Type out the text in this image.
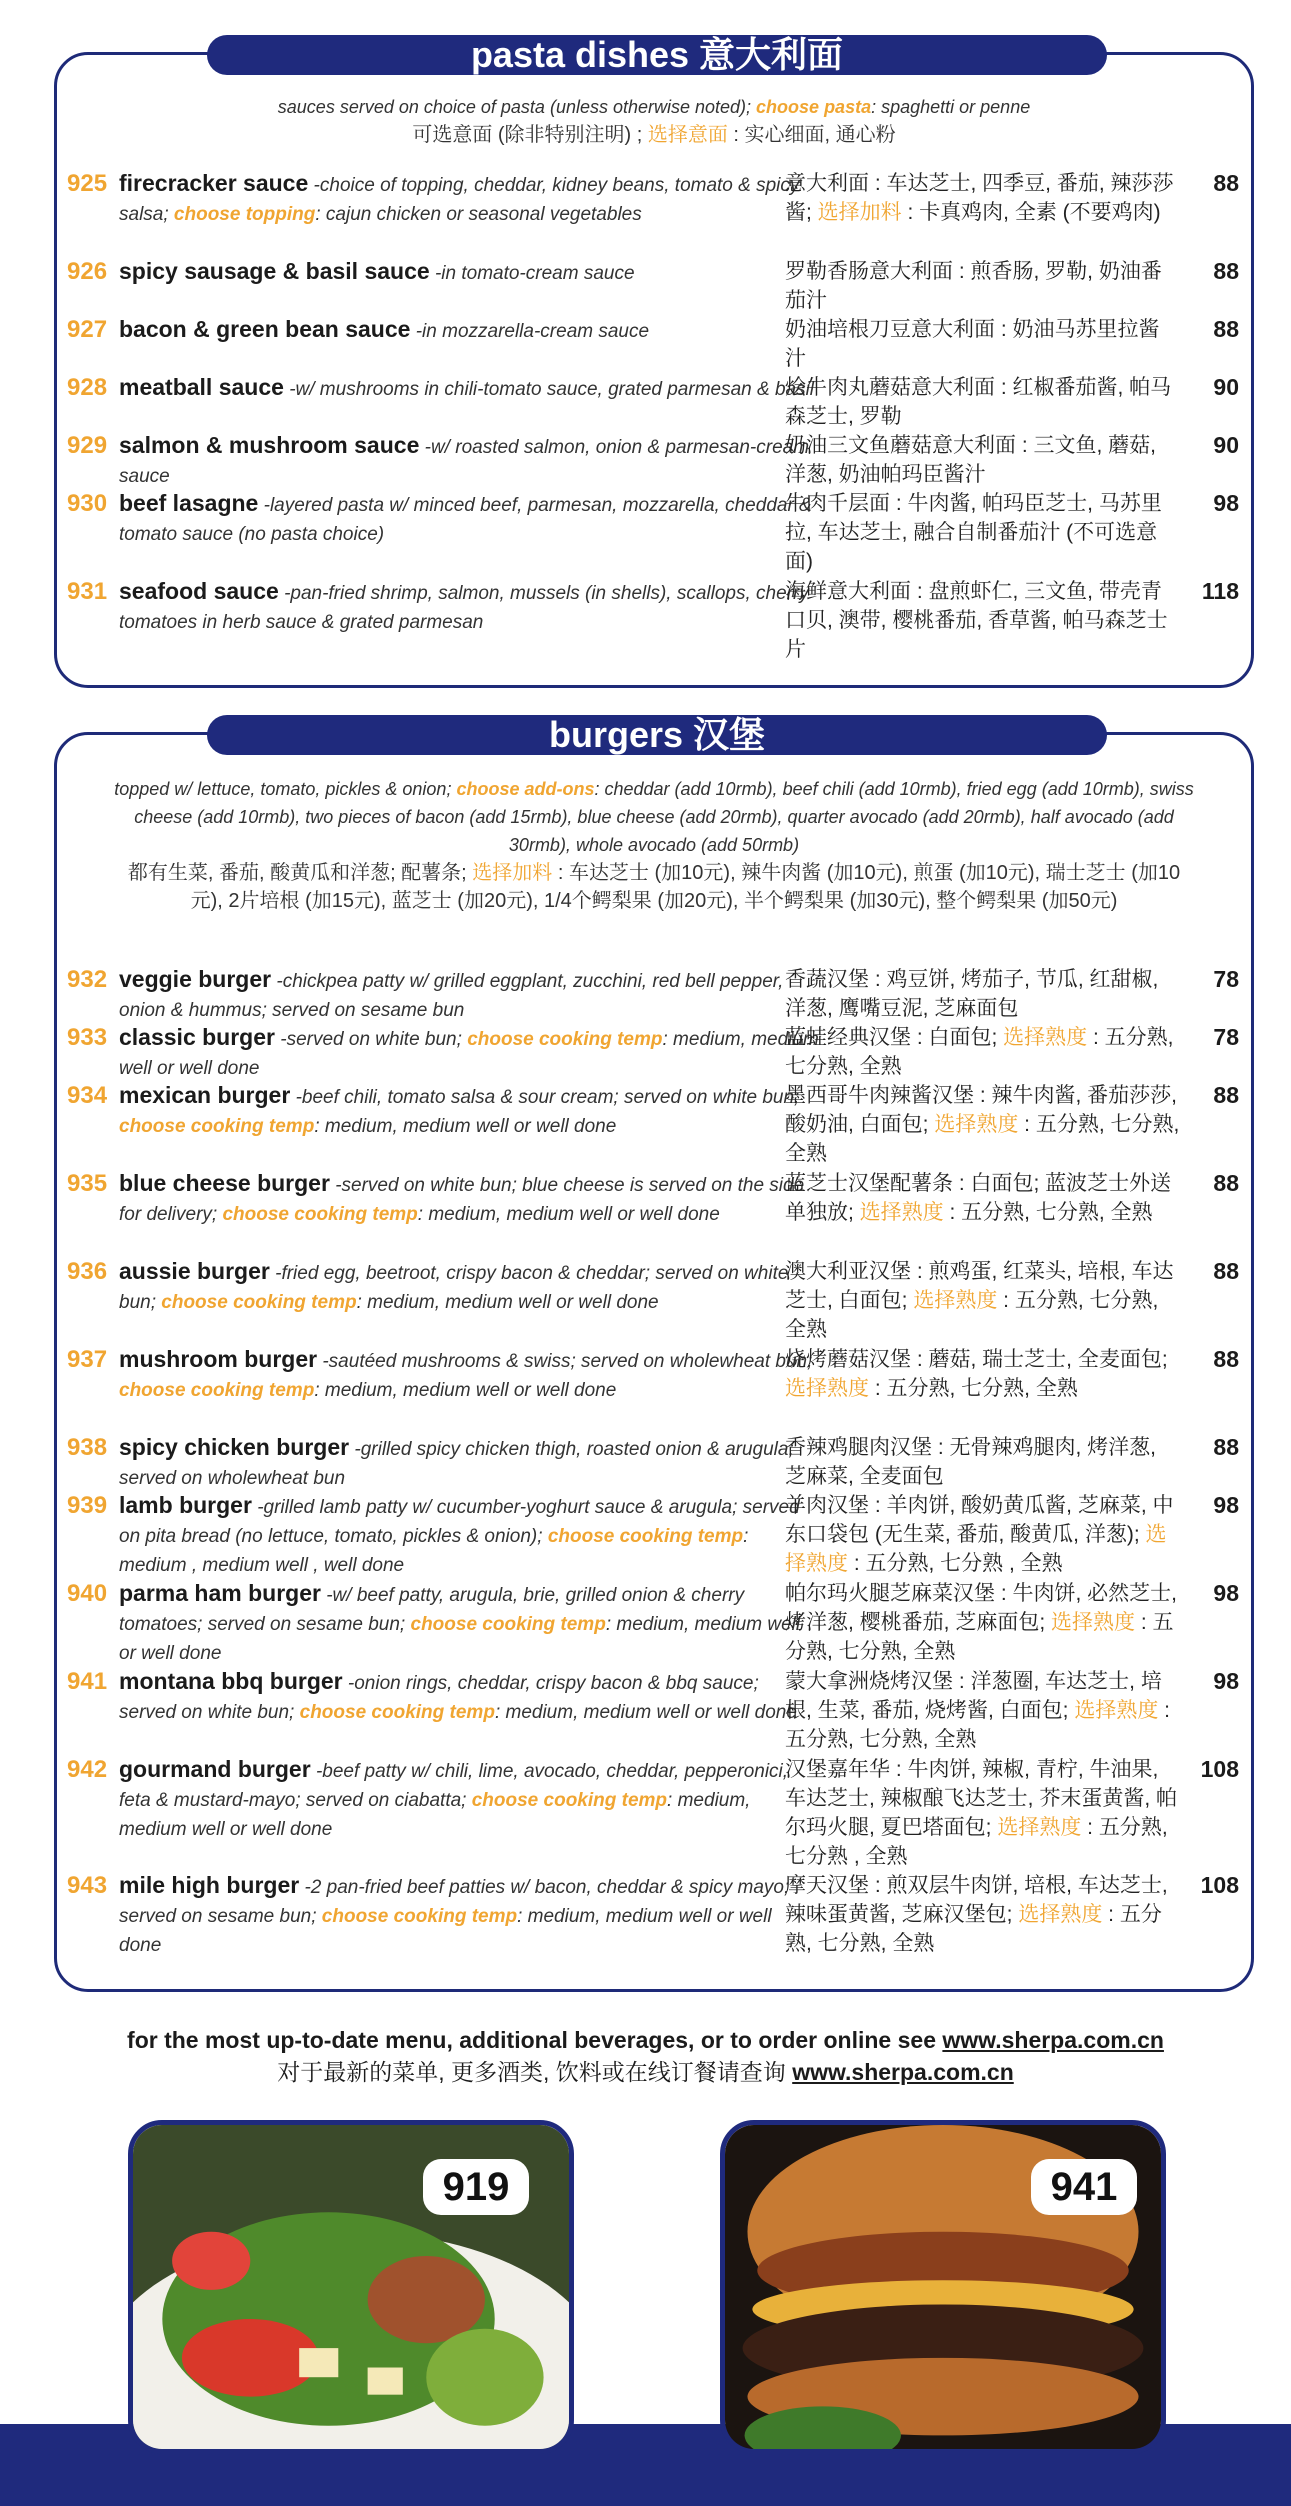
pasta dishes 意大利面
sauces served on choice of pasta (unless otherwise noted); choose pasta: spaghetti or penne
可选意面 (除非特别注明) ; 选择意面 : 实心细面, 通心粉
925 firecracker sauce -choice of topping, cheddar, kidney beans, tomato & spicy salsa; choose topping: cajun chicken or seasonal vegetables
意大利面 : 车达芝士, 四季豆, 番茄, 辣莎莎酱; 选择加料 : 卡真鸡肉, 全素 (不要鸡肉)
88
926 spicy sausage & basil sauce -in tomato-cream sauce	罗勒香肠意大利面 : 煎香肠, 罗勒, 奶油番茄汁
88
927 bacon & green bean sauce -in mozzarella-cream sauce	奶油培根刀豆意大利面 : 奶油马苏里拉酱汁
88
928 meatball sauce -w/ mushrooms in chili-tomato sauce, grated parmesan & basil
烩牛肉丸蘑菇意大利面 : 红椒番茄酱, 帕马森芝士, 罗勒
90
929 salmon & mushroom sauce -w/ roasted salmon, onion & parmesan-cream sauce
奶油三文鱼蘑菇意大利面 : 三文鱼, 蘑菇, 洋葱, 奶油帕玛臣酱汁
90
930 beef lasagne -layered pasta w/ minced beef, parmesan, mozzarella, cheddar & tomato sauce (no pasta choice)
牛肉千层面 : 牛肉酱, 帕玛臣芝士, 马苏里拉, 车达芝士, 融合自制番茄汁 (不可选意面)
98
931 seafood sauce -pan-fried shrimp, salmon, mussels (in shells), scallops, cherry tomatoes in herb sauce & grated parmesan
海鲜意大利面 : 盘煎虾仁, 三文鱼, 带壳青口贝, 澳带, 樱桃番茄, 香草酱, 帕马森芝士片
118
burgers 汉堡
topped w/ lettuce, tomato, pickles & onion; choose add-ons: cheddar (add 10rmb), beef chili (add 10rmb), fried egg (add 10rmb), swiss cheese (add 10rmb), two pieces of bacon (add 15rmb), blue cheese (add 20rmb), quarter avocado (add 20rmb), half avocado (add 30rmb), whole avocado (add 50rmb)
都有生菜, 番茄, 酸黄瓜和洋葱; 配薯条; 选择加料 : 车达芝士 (加10元), 辣牛肉酱 (加10元), 煎蛋 (加10元), 瑞士芝士 (加10元), 2片培根 (加15元), 蓝芝士 (加20元), 1/4个鳄梨果 (加20元), 半个鳄梨果 (加30元), 整个鳄梨果 (加50元)
932 veggie burger -chickpea patty w/ grilled eggplant, zucchini, red bell pepper, onion & hummus; served on sesame bun
香蔬汉堡 : 鸡豆饼, 烤茄子, 节瓜, 红甜椒, 洋葱, 鹰嘴豆泥, 芝麻面包
78
933 classic burger -served on white bun; choose cooking temp: medium, medium well or well done
蓝蛙经典汉堡 : 白面包; 选择熟度 : 五分熟, 七分熟, 全熟
78
934 mexican burger -beef chili, tomato salsa & sour cream; served on white bun; choose cooking temp: medium, medium well or well done
墨西哥牛肉辣酱汉堡 : 辣牛肉酱, 番茄莎莎, 酸奶油, 白面包; 选择熟度 : 五分熟, 七分熟, 全熟
88
935 blue cheese burger -served on white bun; blue cheese is served on the side for delivery; choose cooking temp: medium, medium well or well done
蓝芝士汉堡配薯条 : 白面包; 蓝波芝士外送单独放; 选择熟度 : 五分熟, 七分熟, 全熟
88
936 aussie burger -fried egg, beetroot, crispy bacon & cheddar; served on white bun; choose cooking temp: medium, medium well or well done
澳大利亚汉堡 : 煎鸡蛋, 红菜头, 培根, 车达芝士, 白面包; 选择熟度 : 五分熟, 七分熟, 全熟
88
937 mushroom burger -sautéed mushrooms & swiss; served on wholewheat bun; choose cooking temp: medium, medium well or well done
烧烤蘑菇汉堡 : 蘑菇, 瑞士芝士, 全麦面包; 选择熟度 : 五分熟, 七分熟, 全熟
88
938 spicy chicken burger -grilled spicy chicken thigh, roasted onion & arugula; served on wholewheat bun
香辣鸡腿肉汉堡 : 无骨辣鸡腿肉, 烤洋葱, 芝麻菜, 全麦面包
88
939 lamb burger -grilled lamb patty w/ cucumber-yoghurt sauce & arugula; served on pita bread (no lettuce, tomato, pickles & onion); choose cooking temp: medium , medium well , well done
羊肉汉堡 : 羊肉饼, 酸奶黄瓜酱, 芝麻菜, 中东口袋包 (无生菜, 番茄, 酸黄瓜, 洋葱); 选择熟度 : 五分熟, 七分熟 , 全熟
98
940 parma ham burger -w/ beef patty, arugula, brie, grilled onion & cherry tomatoes; served on sesame bun; choose cooking temp: medium, medium well or well done
帕尔玛火腿芝麻菜汉堡 : 牛肉饼, 必然芝士, 烤洋葱, 樱桃番茄, 芝麻面包; 选择熟度 : 五分熟, 七分熟, 全熟
98
941 montana bbq burger -onion rings, cheddar, crispy bacon & bbq sauce; served on white bun; choose cooking temp: medium, medium well or well done
蒙大拿洲烧烤汉堡 : 洋葱圈, 车达芝士, 培根, 生菜, 番茄, 烧烤酱, 白面包; 选择熟度 : 五分熟, 七分熟, 全熟
98
942 gourmand burger -beef patty w/ chili, lime, avocado, cheddar, pepperonici, feta & mustard-mayo; served on ciabatta; choose cooking temp: medium, medium well or well done
汉堡嘉年华 : 牛肉饼, 辣椒, 青柠, 牛油果, 车达芝士, 辣椒酿飞达芝士, 芥末蛋黄酱, 帕尔玛火腿, 夏巴塔面包; 选择熟度 : 五分熟, 七分熟 , 全熟
108
943 mile high burger -2 pan-fried beef patties w/ bacon, cheddar & spicy mayo; served on sesame bun; choose cooking temp: medium, medium well or well done
摩天汉堡 : 煎双层牛肉饼, 培根, 车达芝士, 辣味蛋黄酱, 芝麻汉堡包; 选择熟度 : 五分熟, 七分熟, 全熟
108
for the most up-to-date menu, additional beverages, or to order online see www.sherpa.com.cn
对于最新的菜单, 更多酒类, 饮料或在线订餐请查询 www.sherpa.com.cn
919	941
